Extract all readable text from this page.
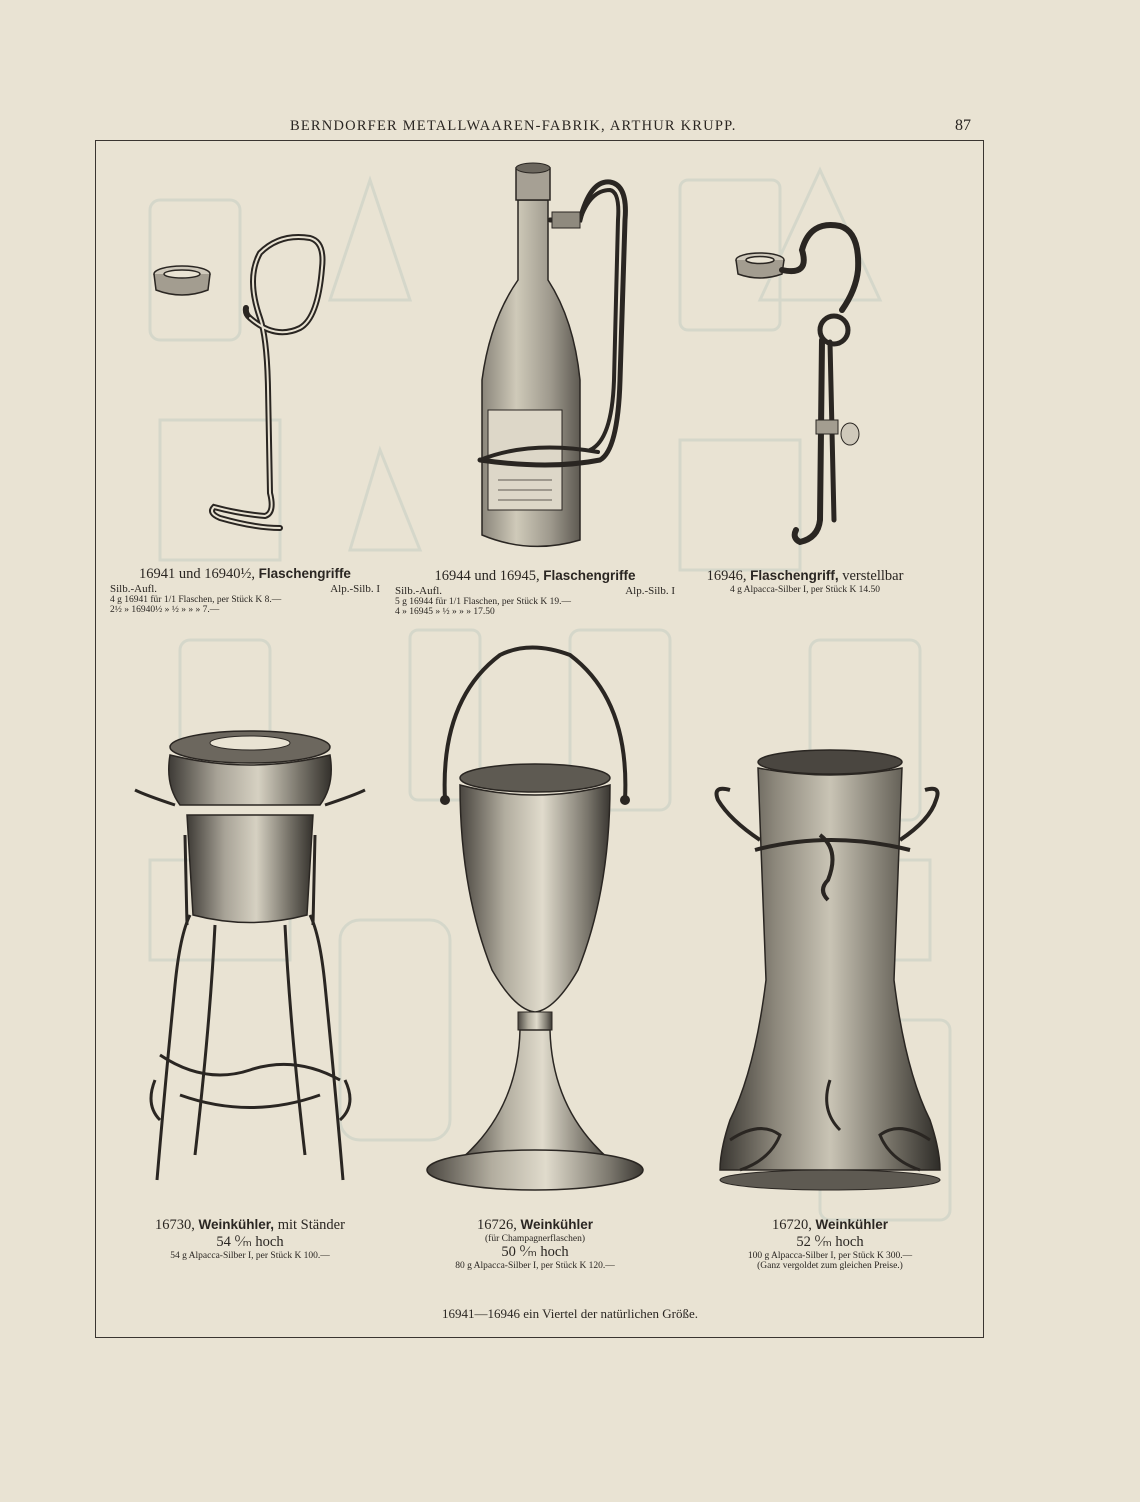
BERNDORFER METALLWAAREN-FABRIK, ARTHUR KRUPP.	87
16941 und 16940½, Flaschengriffe
Silb.-Aufl.	Alp.-Silb. I
4 g 16941 für 1/1 Flaschen, per Stück K 8.—
2½ » 16940½ » ½ » » » 7.—
16944 und 16945, Flaschengriffe
Silb.-Aufl.	Alp.-Silb. I
5 g 16944 für 1/1 Flaschen, per Stück K 19.—
4 » 16945 » ½ » » » 17.50
16946, Flaschengriff, verstellbar
4 g Alpacca-Silber I, per Stück K 14.50
16730, Weinkühler, mit Ständer
54 ⁰⁄ₘ hoch
54 g Alpacca-Silber I, per Stück K 100.—
16726, Weinkühler
(für Champagnerflaschen)
50 ⁰⁄ₘ hoch
80 g Alpacca-Silber I, per Stück K 120.—
16720, Weinkühler
52 ⁰⁄ₘ hoch
100 g Alpacca-Silber I, per Stück K 300.—
(Ganz vergoldet zum gleichen Preise.)
16941—16946 ein Viertel der natürlichen Größe.
